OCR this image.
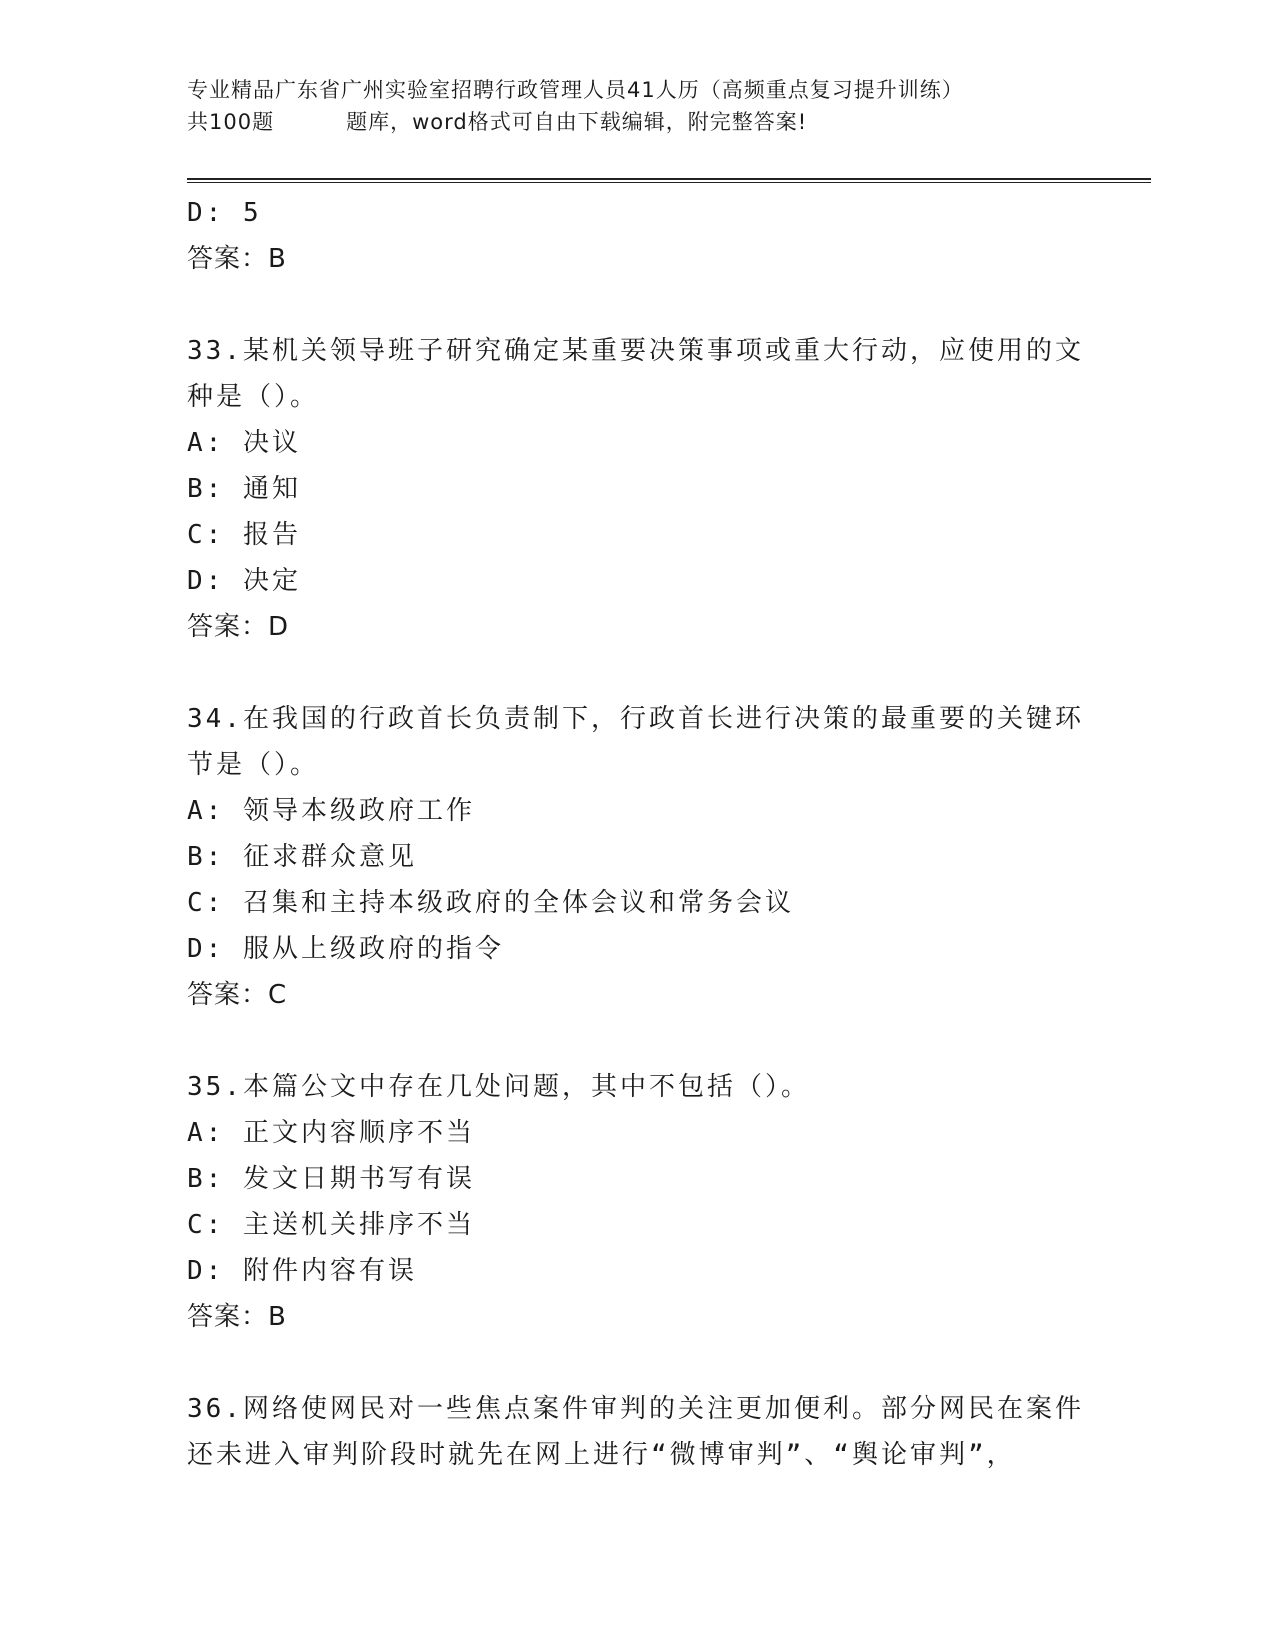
专业精品广东省广州实验室招聘行政管理人员41人历（高频重点复习提升训练）
共100题	题库，word格式可自由下载编辑，附完整答案!
D: 5
答案：B
33.某机关领导班子研究确定某重要决策事项或重大行动，应使用的文
种是（）。
A: 决议
B: 通知
C: 报告
D: 决定
答案：D
34.在我国的行政首长负责制下，行政首长进行决策的最重要的关键环
节是（）。
A: 领导本级政府工作
B: 征求群众意见
C: 召集和主持本级政府的全体会议和常务会议
D: 服从上级政府的指令
答案：C
35.本篇公文中存在几处问题，其中不包括（）。
A: 正文内容顺序不当
B: 发文日期书写有误
C: 主送机关排序不当
D: 附件内容有误
答案：B
36.网络使网民对一些焦点案件审判的关注更加便利。部分网民在案件
还未进入审判阶段时就先在网上进行“微博审判”、“舆论审判”，
